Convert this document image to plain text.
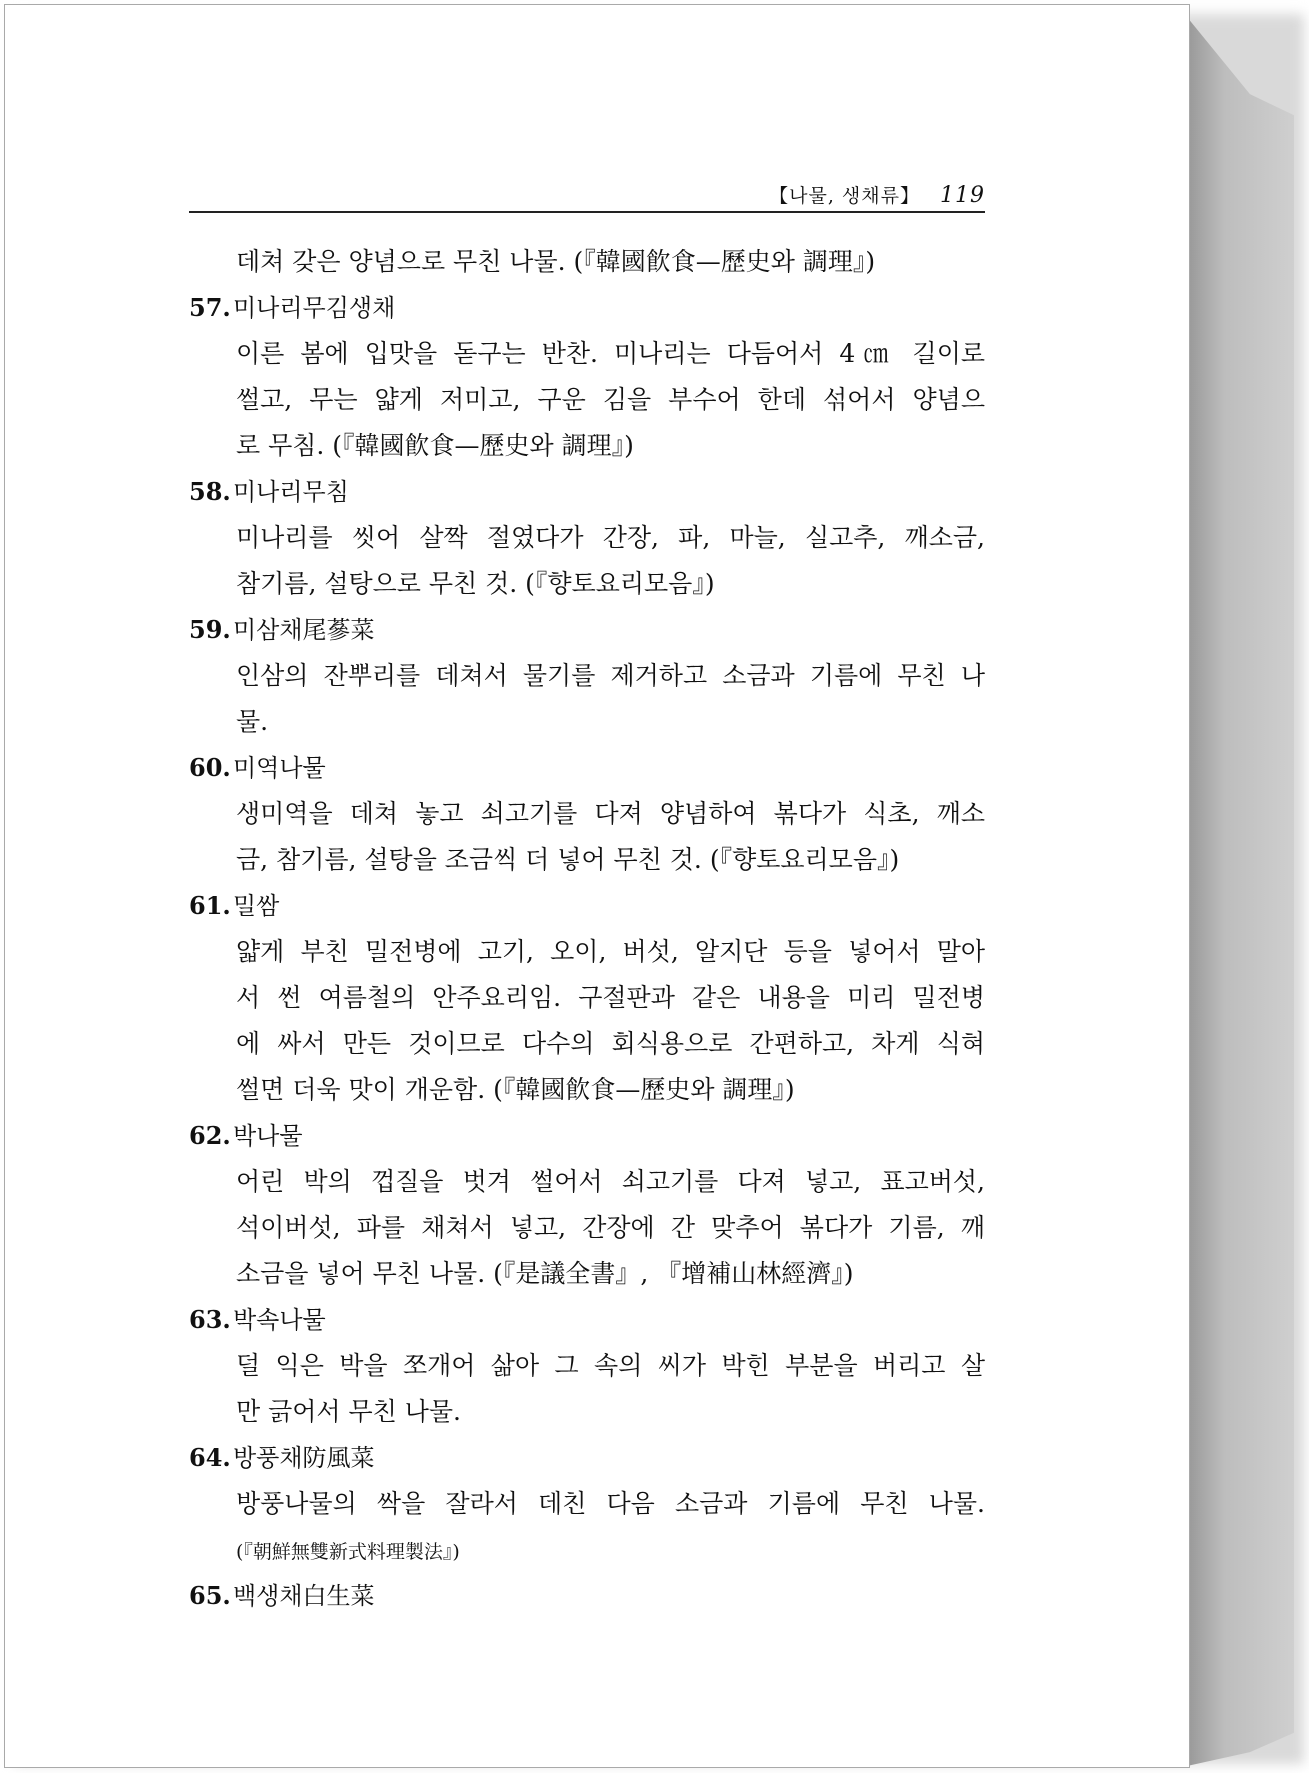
【나물, 생채류】 119
데쳐 갖은 양념으로 무친 나물. (『韓國飮食—歷史와 調理』)
57.미나리무김생채
이른 봄에 입맛을 돋구는 반찬. 미나리는 다듬어서 4㎝ 길이로
썰고, 무는 얇게 저미고, 구운 김을 부수어 한데 섞어서 양념으
로 무침. (『韓國飮食—歷史와 調理』)
58.미나리무침
미나리를 씻어 살짝 절였다가 간장, 파, 마늘, 실고추, 깨소금,
참기름, 설탕으로 무친 것. (『향토요리모음』)
59.미삼채尾蔘菜
인삼의 잔뿌리를 데쳐서 물기를 제거하고 소금과 기름에 무친 나
물.
60.미역나물
생미역을 데쳐 놓고 쇠고기를 다져 양념하여 볶다가 식초, 깨소
금, 참기름, 설탕을 조금씩 더 넣어 무친 것. (『향토요리모음』)
61.밀쌈
얇게 부친 밀전병에 고기, 오이, 버섯, 알지단 등을 넣어서 말아
서 썬 여름철의 안주요리임. 구절판과 같은 내용을 미리 밀전병
에 싸서 만든 것이므로 다수의 회식용으로 간편하고, 차게 식혀
썰면 더욱 맛이 개운함. (『韓國飮食—歷史와 調理』)
62.박나물
어린 박의 껍질을 벗겨 썰어서 쇠고기를 다져 넣고, 표고버섯,
석이버섯, 파를 채쳐서 넣고, 간장에 간 맞추어 볶다가 기름, 깨
소금을 넣어 무친 나물. (『是議全書』, 『增補山林經濟』)
63.박속나물
덜 익은 박을 쪼개어 삶아 그 속의 씨가 박힌 부분을 버리고 살
만 긁어서 무친 나물.
64.방풍채防風菜
방풍나물의 싹을 잘라서 데친 다음 소금과 기름에 무친 나물.
(『朝鮮無雙新式料理製法』)
65.백생채白生菜
